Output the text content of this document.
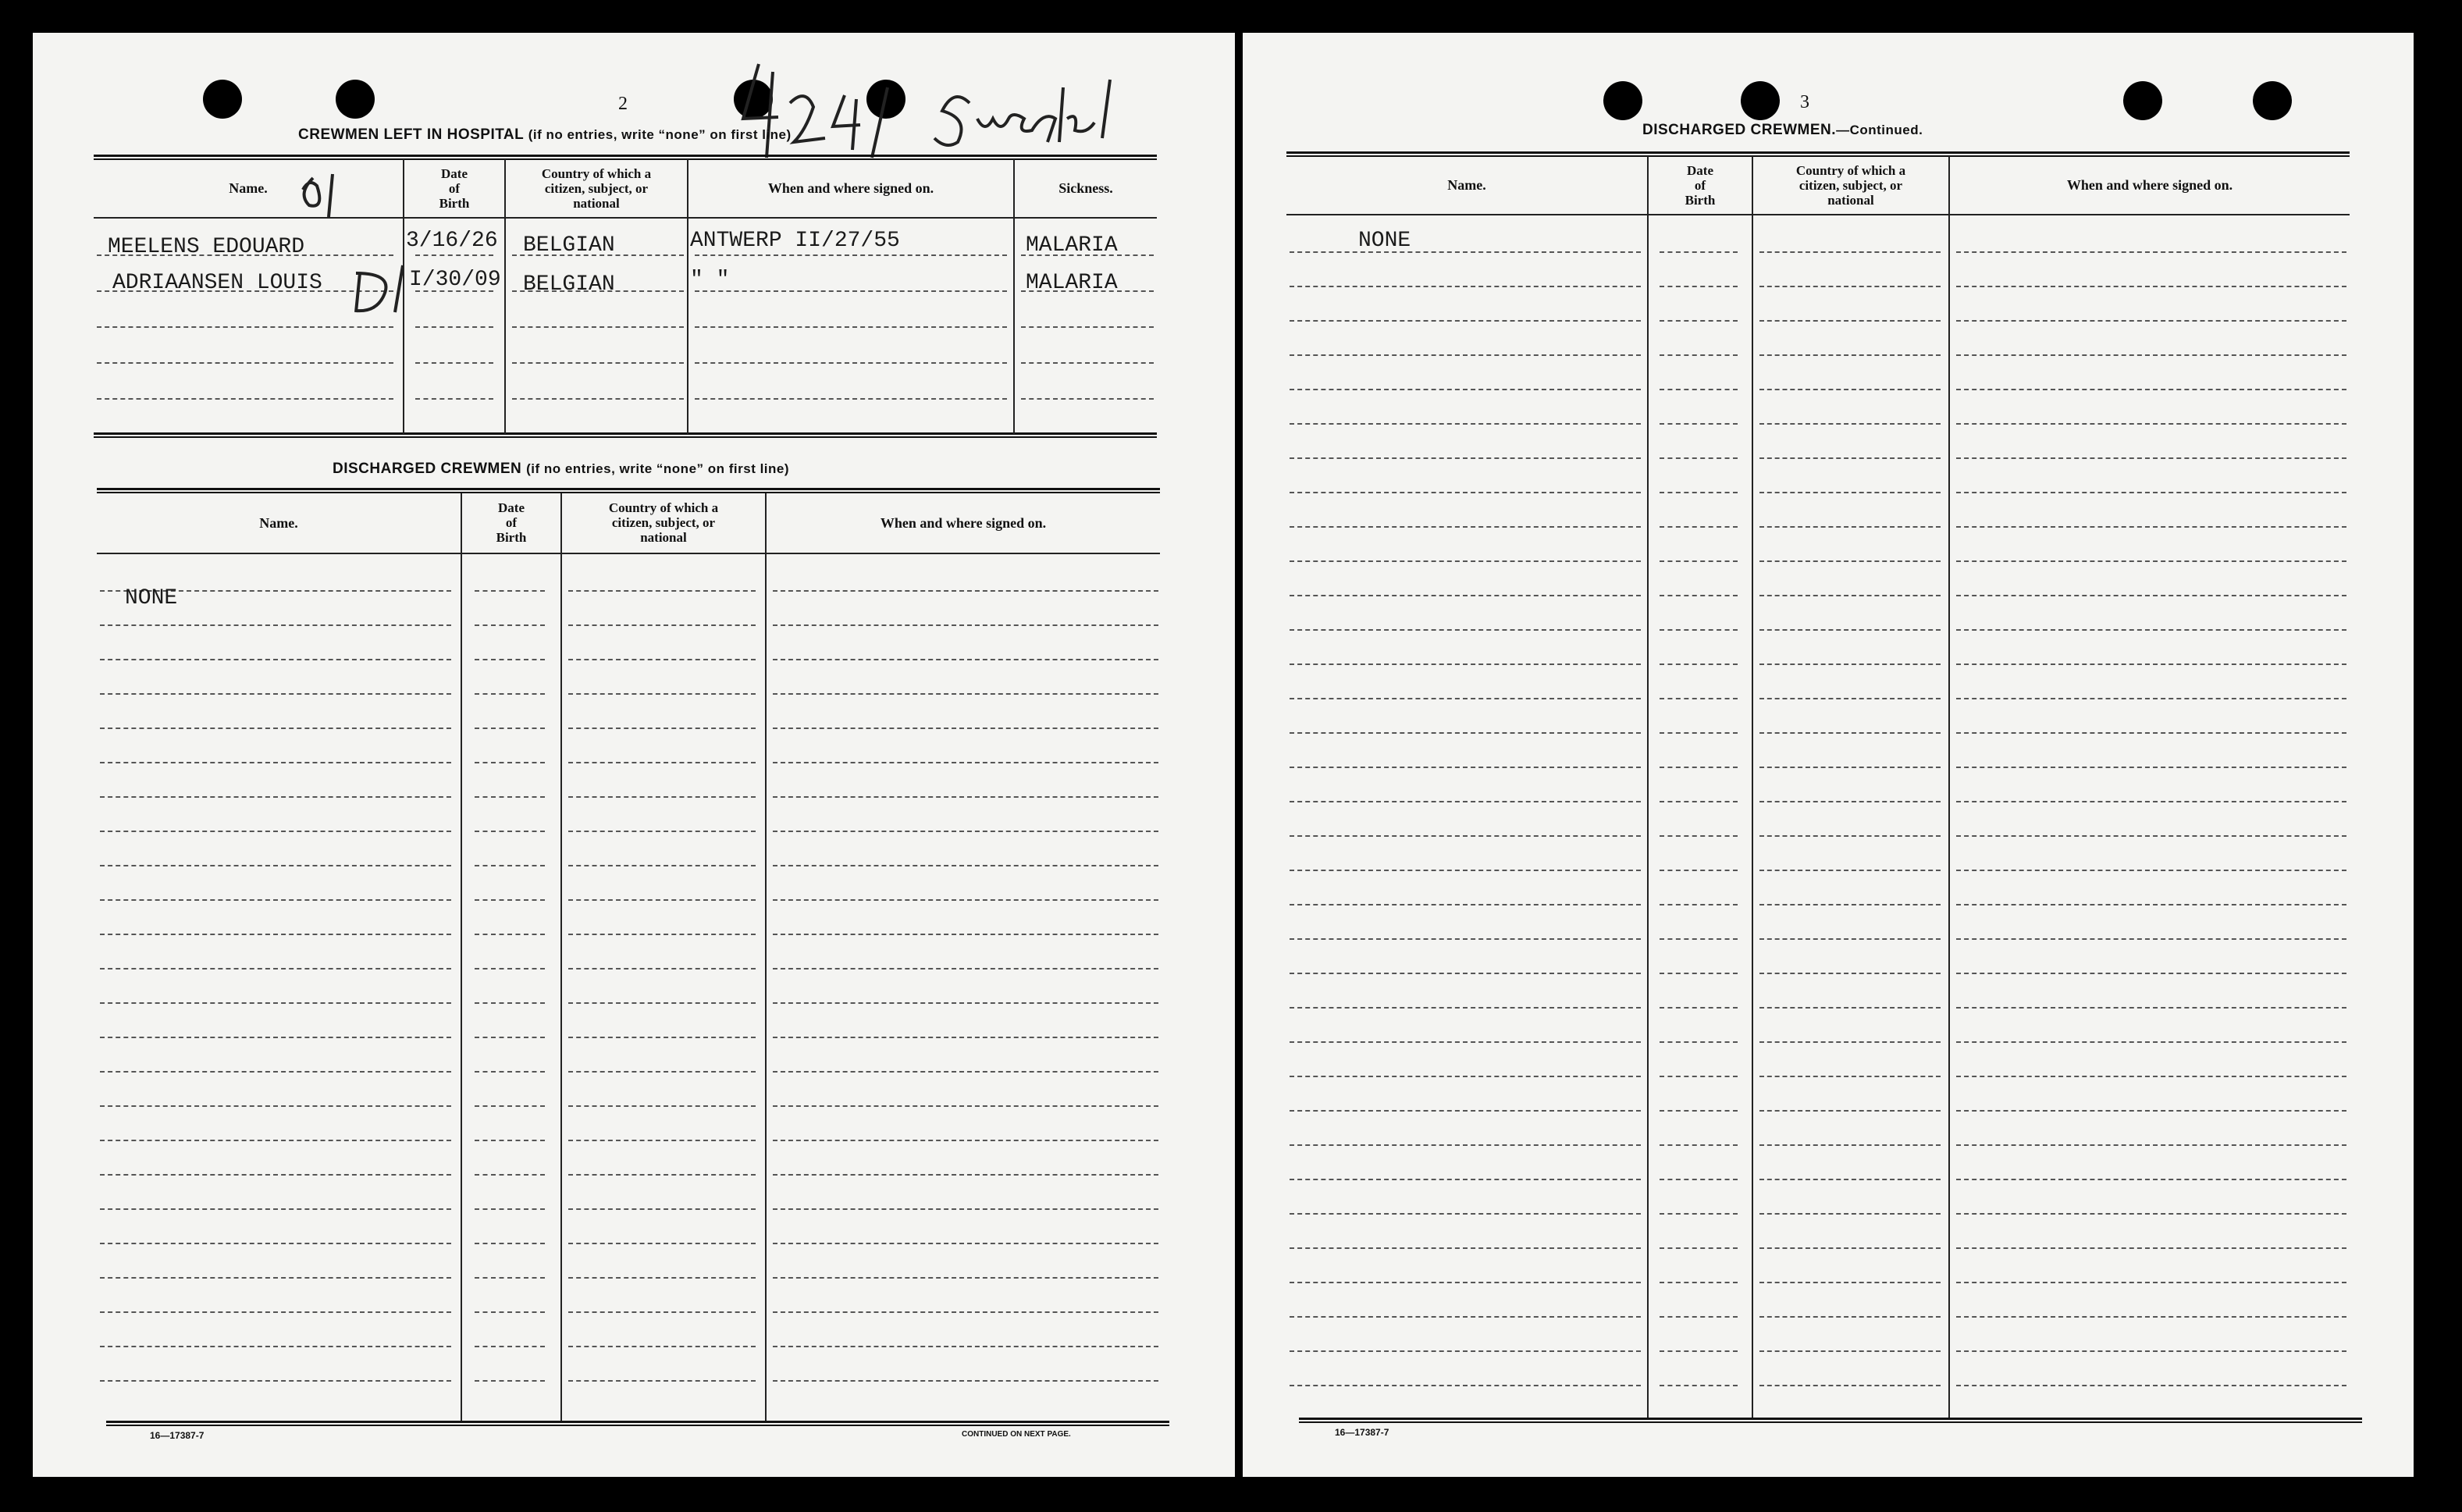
2
CREWMEN LEFT IN HOSPITAL (if no entries, write “none” on first line)
Name.
Date
of
Birth
Country of which a
citizen, subject, or
national
When and where signed on.	Sickness.
MEELENS EDOUARD	3/16/26 BELGIAN	ANTWERP II/27/55	MALARIA
ADRIAANSEN LOUIS	I/30/09 BELGIAN	" "	MALARIA
DISCHARGED CREWMEN (if no entries, write “none” on first line)
Name.
Date
of
Birth
Country of which a
citizen, subject, or
national
When and where signed on.
NONE
16—17387-7	CONTINUED ON NEXT PAGE.
3
DISCHARGED CREWMEN.—Continued.
Name.
Date
of
Birth
Country of which a
citizen, subject, or
national
When and where signed on.
NONE
16—17387-7
